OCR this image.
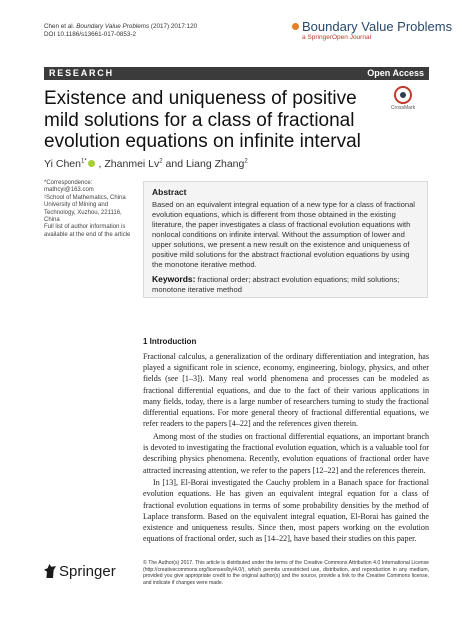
Chen et al. Boundary Value Problems (2017) 2017:120
DOI 10.1186/s13661-017-0853-2
Boundary Value Problems
a SpringerOpen Journal
RESEARCH	Open Access
Existence and uniqueness of positive mild solutions for a class of fractional evolution equations on infinite interval
CrossMark
Yi Chen$^{1*}$ , Zhanmei Lv$^2$ and Liang Zhang$^2$
*Correspondence:
mathcyi@163.com
¹School of Mathematics, China University of Mining and Technology, Xuzhou, 221116, China
Full list of author information is available at the end of the article
Abstract
Based on an equivalent integral equation of a new type for a class of fractional evolution equations, which is different from those obtained in the existing literature, the paper investigates a class of fractional evolution equations with nonlocal conditions on infinite interval. Without the assumption of lower and upper solutions, we present a new result on the existence and uniqueness of positive mild solutions for the abstract fractional evolution equations by using the monotone iterative method.
Keywords: fractional order; abstract evolution equations; mild solutions; monotone iterative method
1 Introduction

Fractional calculus, a generalization of the ordinary differentiation and integration, has played a significant role in science, economy, engineering, biology, physics, and other fields (see [1–3]). Many real world phenomena and processes can be modeled as fractional differential equations, and due to the fact of their various applications in many fields, today, there is a large number of researchers turning to study the fractional differential equations. For more general theory of fractional differential equations, we refer readers to the papers [4–22] and the references given therein.

Among most of the studies on fractional differential equations, an important branch is devoted to investigating the fractional evolution equation, which is a valuable tool for describing physics phenomena. Recently, evolution equations of fractional order have attracted increasing attention, we refer to the papers [12–22] and the references therein.

In [13], El-Borai investigated the Cauchy problem in a Banach space for fractional evolution equations. He has given an equivalent integral equation for a class of fractional evolution equations in terms of some probability densities by the method of Laplace transform. Based on the equivalent integral equation, El-Borai has gained the existence and uniqueness results. Since then, most papers working on the evolution equations of fractional order, such as [14–22], have based their studies on this paper.

Springer	© The Author(s) 2017. This article is distributed under the terms of the Creative Commons Attribution 4.0 International License (http://creativecommons.org/licenses/by/4.0/), which permits unrestricted use, distribution, and reproduction in any medium, provided you give appropriate credit to the original author(s) and the source, provide a link to the Creative Commons license, and indicate if changes were made.
